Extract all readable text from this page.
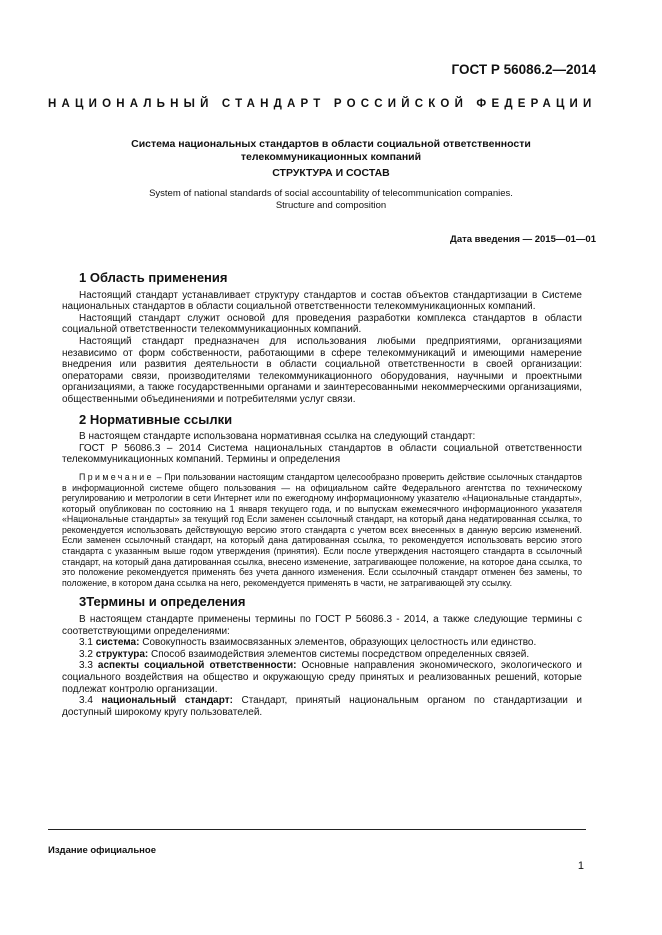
ГОСТ Р 56086.2—2014
НАЦИОНАЛЬНЫЙ СТАНДАРТ РОССИЙСКОЙ ФЕДЕРАЦИИ
Система национальных стандартов в области социальной ответственности
телекоммуникационных компаний
СТРУКТУРА И СОСТАВ
System of national standards of social accountability of telecommunication companies.
Structure and composition
Дата введения — 2015—01—01
1 Область применения

Настоящий стандарт устанавливает структуру стандартов и состав объектов стандартизации в Системе национальных стандартов в области социальной ответственности телекоммуникационных компаний.

Настоящий стандарт служит основой для проведения разработки комплекса стандартов в области социальной ответственности телекоммуникационных компаний.

Настоящий стандарт предназначен для использования любыми предприятиями, организациями независимо от форм собственности, работающими в сфере телекоммуникаций и имеющими намерение внедрения или развития деятельности в области социальной ответственности в своей организации: операторами связи, производителями телекоммуникационного оборудования, научными и проектными организациями, а также государственными органами и заинтересованными некоммерческими организациями, общественными объединениями и потребителями услуг связи.

2 Нормативные ссылки

В настоящем стандарте использована нормативная ссылка на следующий стандарт:

ГОСТ Р 56086.3 – 2014 Система национальных стандартов в области социальной ответственности телекоммуникационных компаний. Термины и определения

Примечание – При пользовании настоящим стандартом целесообразно проверить действие ссылочных стандартов в информационной системе общего пользования — на официальном сайте Федерального агентства по техническому регулированию и метрологии в сети Интернет или по ежегодному информационному указателю «Национальные стандарты», который опубликован по состоянию на 1 января текущего года, и по выпускам ежемесячного информационного указателя «Национальные стандарты» за текущий год Если заменен ссылочный стандарт, на который дана недатированная ссылка, то рекомендуется использовать действующую версию этого стандарта с учетом всех внесенных в данную версию изменений. Если заменен ссылочный стандарт, на который дана датированная ссылка, то рекомендуется использовать версию этого стандарта с указанным выше годом утверждения (принятия). Если после утверждения настоящего стандарта в ссылочный стандарт, на который дана датированная ссылка, внесено изменение, затрагивающее положение, на которое дана ссылка, то это положение рекомендуется применять без учета данного изменения. Если ссылочный стандарт отменен без замены, то положение, в котором дана ссылка на него, рекомендуется применять в части, не затрагивающей эту ссылку.

3Термины и определения

В настоящем стандарте применены термины по ГОСТ Р 56086.3 - 2014, а также следующие термины с соответствующими определениями:

3.1 система: Совокупность взаимосвязанных элементов, образующих целостность или единство.

3.2 структура: Способ взаимодействия элементов системы посредством определенных связей.

3.3 аспекты социальной ответственности: Основные направления экономического, экологического и социального воздействия на общество и окружающую среду принятых и реализованных решений, которые подлежат контролю организации.

3.4 национальный стандарт: Стандарт, принятый национальным органом по стандартизации и доступный широкому кругу пользователей.

Издание официальное
1
